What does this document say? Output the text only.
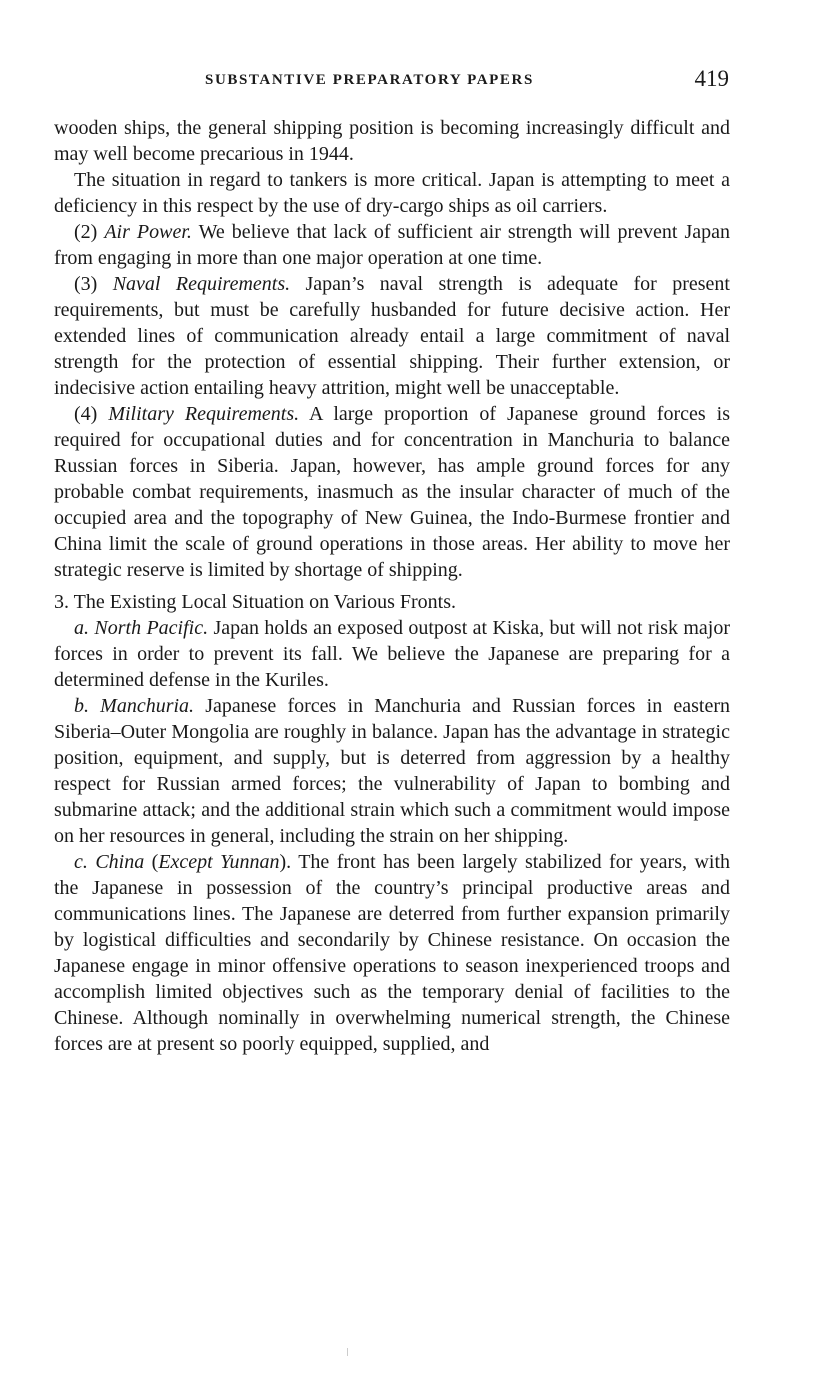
SUBSTANTIVE PREPARATORY PAPERS	419

wooden ships, the general shipping position is becoming increasingly difficult and may well become precarious in 1944.

The situation in regard to tankers is more critical. Japan is attempting to meet a deficiency in this respect by the use of dry-cargo ships as oil carriers.

(2) Air Power. We believe that lack of sufficient air strength will prevent Japan from engaging in more than one major operation at one time.

(3) Naval Requirements. Japan’s naval strength is adequate for present requirements, but must be carefully husbanded for future decisive action. Her extended lines of communication already entail a large commitment of naval strength for the protection of essential shipping. Their further extension, or indecisive action entailing heavy attrition, might well be unacceptable.

(4) Military Requirements. A large proportion of Japanese ground forces is required for occupational duties and for concentration in Manchuria to balance Russian forces in Siberia. Japan, however, has ample ground forces for any probable combat requirements, inasmuch as the insular character of much of the occupied area and the topography of New Guinea, the Indo-Burmese frontier and China limit the scale of ground operations in those areas. Her ability to move her strategic reserve is limited by shortage of shipping.

3. The Existing Local Situation on Various Fronts.

a. North Pacific. Japan holds an exposed outpost at Kiska, but will not risk major forces in order to prevent its fall. We believe the Japanese are preparing for a determined defense in the Kuriles.

b. Manchuria. Japanese forces in Manchuria and Russian forces in eastern Siberia–Outer Mongolia are roughly in balance. Japan has the advantage in strategic position, equipment, and supply, but is deterred from aggression by a healthy respect for Russian armed forces; the vulnerability of Japan to bombing and submarine attack; and the additional strain which such a commitment would impose on her resources in general, including the strain on her shipping.

c. China (Except Yunnan). The front has been largely stabilized for years, with the Japanese in possession of the country’s principal productive areas and communications lines. The Japanese are deterred from further expansion primarily by logistical difficulties and secondarily by Chinese resistance. On occasion the Japanese engage in minor offensive operations to season inexperienced troops and accomplish limited objectives such as the temporary denial of facilities to the Chinese. Although nominally in overwhelming numerical strength, the Chinese forces are at present so poorly equipped, supplied, and
